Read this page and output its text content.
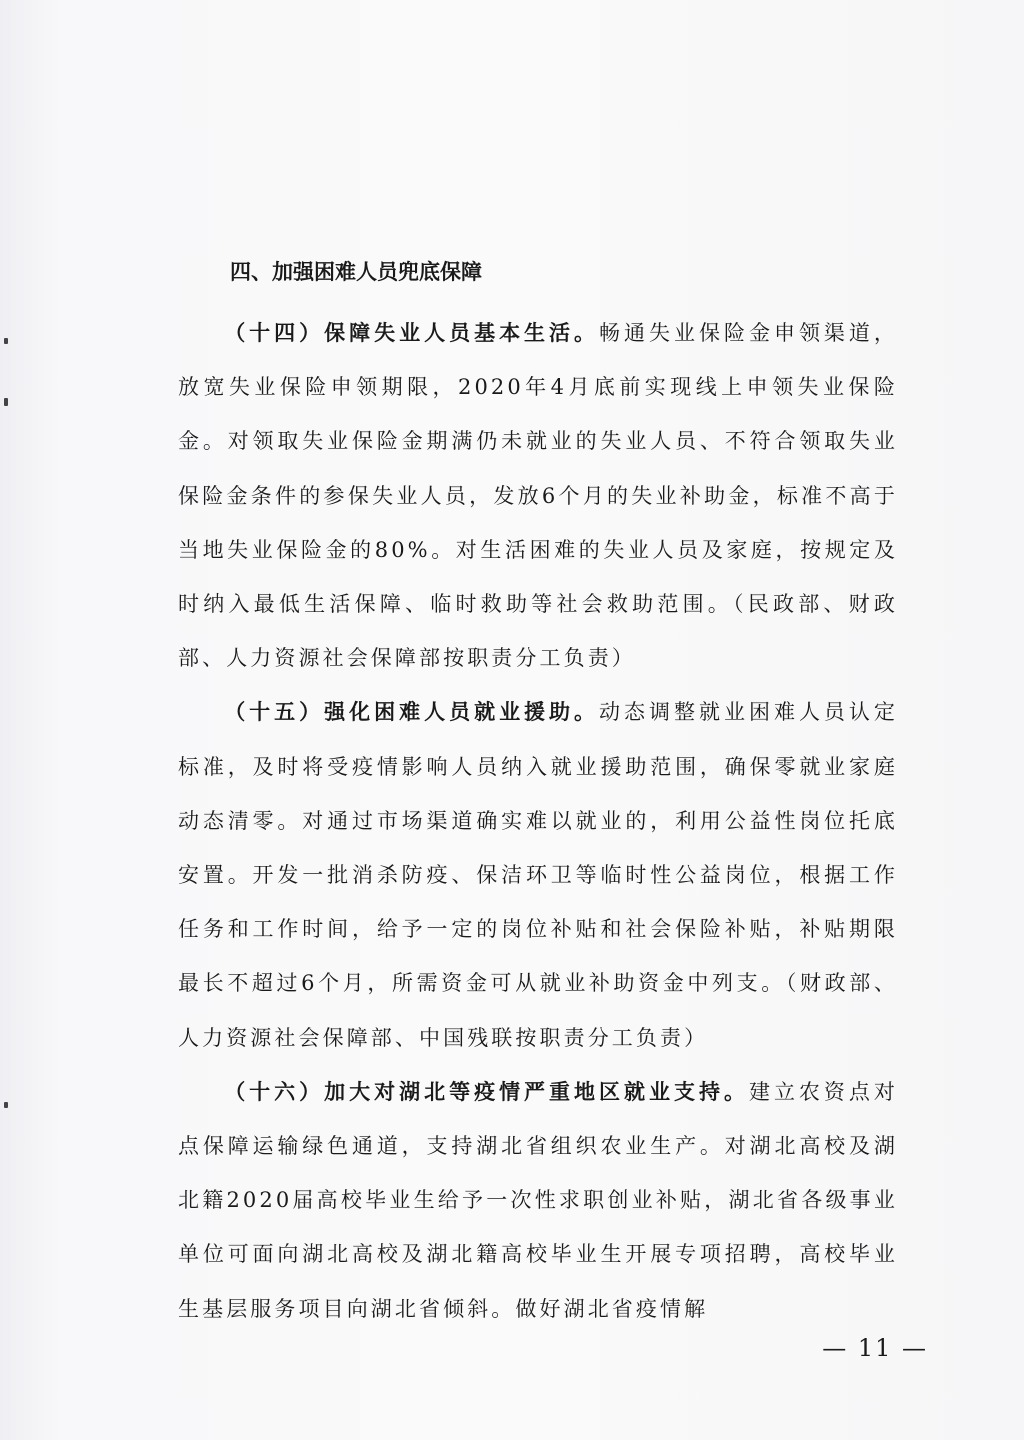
四、加强困难人员兜底保障

（十四）保障失业人员基本生活。畅通失业保险金申领渠道，放宽失业保险申领期限，2020年4月底前实现线上申领失业保险金。对领取失业保险金期满仍未就业的失业人员、不符合领取失业保险金条件的参保失业人员，发放6个月的失业补助金，标准不高于当地失业保险金的80%。对生活困难的失业人员及家庭，按规定及时纳入最低生活保障、临时救助等社会救助范围。（民政部、财政部、人力资源社会保障部按职责分工负责）

（十五）强化困难人员就业援助。动态调整就业困难人员认定标准，及时将受疫情影响人员纳入就业援助范围，确保零就业家庭动态清零。对通过市场渠道确实难以就业的，利用公益性岗位托底安置。开发一批消杀防疫、保洁环卫等临时性公益岗位，根据工作任务和工作时间，给予一定的岗位补贴和社会保险补贴，补贴期限最长不超过6个月，所需资金可从就业补助资金中列支。（财政部、人力资源社会保障部、中国残联按职责分工负责）

（十六）加大对湖北等疫情严重地区就业支持。建立农资点对点保障运输绿色通道，支持湖北省组织农业生产。对湖北高校及湖北籍2020届高校毕业生给予一次性求职创业补贴，湖北省各级事业单位可面向湖北高校及湖北籍高校毕业生开展专项招聘，高校毕业生基层服务项目向湖北省倾斜。做好湖北省疫情解

— 11 —
